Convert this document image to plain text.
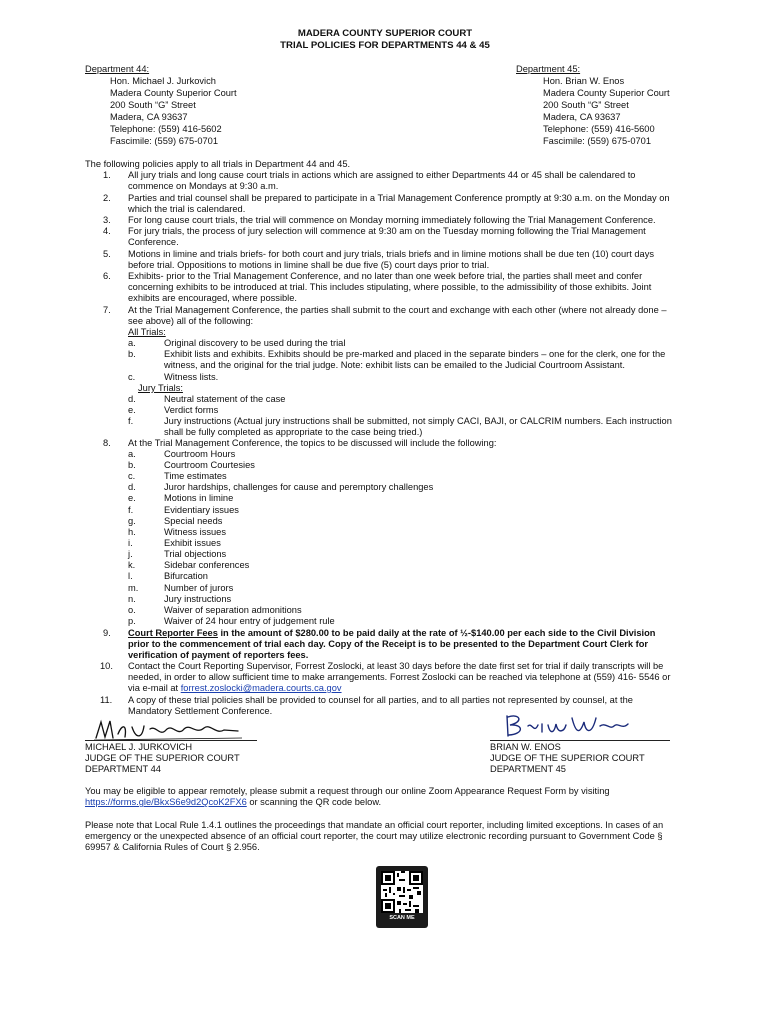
MADERA COUNTY SUPERIOR COURT
TRIAL POLICIES FOR DEPARTMENTS 44 & 45
Department 44:
Hon. Michael J. Jurkovich
Madera County Superior Court
200 South “G” Street
Madera, CA 93637
Telephone: (559) 416-5602
Fascimile: (559) 675-0701
Department 45:
Hon. Brian W. Enos
Madera County Superior Court
200 South “G” Street
Madera, CA 93637
Telephone: (559) 416-5600
Fascimile: (559) 675-0701
The following policies apply to all trials in Department 44 and 45.
1. All jury trials and long cause court trials in actions which are assigned to either Departments 44 or 45 shall be calendared to
commence on Mondays at 9:30 a.m.
2. Parties and trial counsel shall be prepared to participate in a Trial Management Conference promptly at 9:30 a.m. on the Monday on
which the trial is calendared.
3. For long cause court trials, the trial will commence on Monday morning immediately following the Trial Management Conference.
4. For jury trials, the process of jury selection will commence at 9:30 am on the Tuesday morning following the Trial Management
Conference.
5. Motions in limine and trials briefs- for both court and jury trials, trials briefs and in limine motions shall be due ten (10) court days
before trial. Oppositions to motions in limine shall be due five (5) court days prior to trial.
6. Exhibits- prior to the Trial Management Conference, and no later than one week before trial, the parties shall meet and confer
concerning exhibits to be introduced at trial. This includes stipulating, where possible, to the admissibility of those exhibits. Joint
exhibits are encouraged, where possible.
7. At the Trial Management Conference, the parties shall submit to the court and exchange with each other (where not already done –
see above) all of the following:
All Trials:
a.	Original discovery to be used during the trial
b.	Exhibit lists and exhibits. Exhibits should be pre-marked and placed in the separate binders – one for the clerk, one for the
witness, and the original for the trial judge. Note: exhibit lists can be emailed to the Judicial Courtroom Assistant.
c.	Witness lists.
Jury Trials:
d.	Neutral statement of the case
e.	Verdict forms
f.	Jury instructions (Actual jury instructions shall be submitted, not simply CACI, BAJI, or CALCRIM numbers. Each instruction
shall be fully completed as appropriate to the case being tried.)
8. At the Trial Management Conference, the topics to be discussed will include the following:
a.	Courtroom Hours
b.	Courtroom Courtesies
c.	Time estimates
d.	Juror hardships, challenges for cause and peremptory challenges
e.	Motions in limine
f.	Evidentiary issues
g.	Special needs
h.	Witness issues
i.	Exhibit issues
j.	Trial objections
k.	Sidebar conferences
l.	Bifurcation
m.	Number of jurors
n.	Jury instructions
o.	Waiver of separation admonitions
p.	Waiver of 24 hour entry of judgement rule
9. Court Reporter Fees in the amount of $280.00 to be paid daily at the rate of ½-$140.00 per each side to the Civil Division
prior to the commencement of trial each day. Copy of the Receipt is to be presented to the Department Court Clerk for
verification of payment of reporters fees.
10. Contact the Court Reporting Supervisor, Forrest Zoslocki, at least 30 days before the date first set for trial if daily transcripts will be
needed, in order to allow sufficient time to make arrangements. Forrest Zoslocki can be reached via telephone at (559) 416- 5546 or
via e-mail at forrest.zoslocki@madera.courts.ca.gov
11. A copy of these trial policies shall be provided to counsel for all parties, and to all parties not represented by counsel, at the
Mandatory Settlement Conference.
MICHAEL J. JURKOVICH
JUDGE OF THE SUPERIOR COURT
DEPARTMENT 44
BRIAN W. ENOS
JUDGE OF THE SUPERIOR COURT
DEPARTMENT 45
You may be eligible to appear remotely, please submit a request through our online Zoom Appearance Request Form by visiting
https://forms.gle/BkxS6e9d2QcoK2FX6 or scanning the QR code below.
Please note that Local Rule 1.4.1 outlines the proceedings that mandate an official court reporter, including limited exceptions. In cases of an
emergency or the unexpected absence of an official court reporter, the court may utilize electronic recording pursuant to Government Code §
69957 & California Rules of Court § 2.956.
SCAN ME
